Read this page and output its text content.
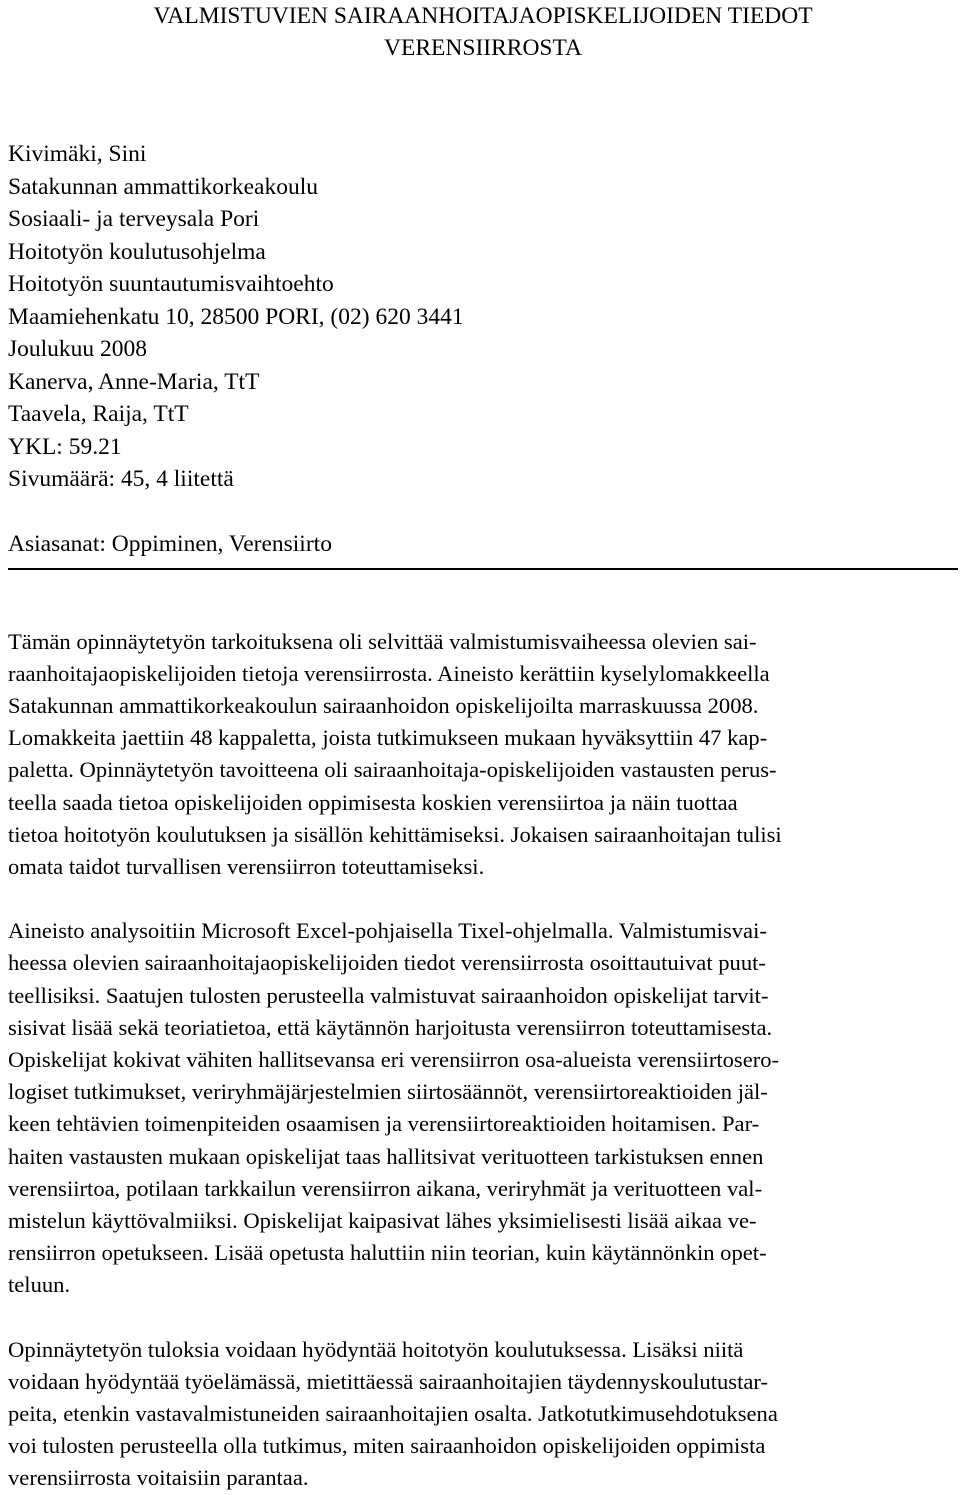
VALMISTUVIEN SAIRAANHOITAJAOPISKELIJOIDEN TIEDOT
VERENSIIRROSTA
Kivimäki, Sini
Satakunnan ammattikorkeakoulu
Sosiaali- ja terveysala Pori
Hoitotyön koulutusohjelma
Hoitotyön suuntautumisvaihtoehto
Maamiehenkatu 10, 28500 PORI, (02) 620 3441
Joulukuu 2008
Kanerva, Anne-Maria, TtT
Taavela, Raija, TtT
YKL: 59.21
Sivumäärä: 45, 4 liitettä
Asiasanat: Oppiminen, Verensiirto

Tämän opinnäytetyön tarkoituksena oli selvittää valmistumisvaiheessa olevien sai-
raanhoitajaopiskelijoiden tietoja verensiirrosta. Aineisto kerättiin kyselylomakkeella
Satakunnan ammattikorkeakoulun sairaanhoidon opiskelijoilta marraskuussa 2008.
Lomakkeita jaettiin 48 kappaletta, joista tutkimukseen mukaan hyväksyttiin 47 kap-
paletta. Opinnäytetyön tavoitteena oli sairaanhoitaja-opiskelijoiden vastausten perus-
teella saada tietoa opiskelijoiden oppimisesta koskien verensiirtoa ja näin tuottaa
tietoa hoitotyön koulutuksen ja sisällön kehittämiseksi. Jokaisen sairaanhoitajan tulisi
omata taidot turvallisen verensiirron toteuttamiseksi.

Aineisto analysoitiin Microsoft Excel-pohjaisella Tixel-ohjelmalla. Valmistumisvai-
heessa olevien sairaanhoitajaopiskelijoiden tiedot verensiirrosta osoittautuivat puut-
teellisiksi. Saatujen tulosten perusteella valmistuvat sairaanhoidon opiskelijat tarvit-
sisivat lisää sekä teoriatietoa, että käytännön harjoitusta verensiirron toteuttamisesta.
Opiskelijat kokivat vähiten hallitsevansa eri verensiirron osa-alueista verensiirtosero-
logiset tutkimukset, veriryhmäjärjestelmien siirtosäännöt, verensiirtoreaktioiden jäl-
keen tehtävien toimenpiteiden osaamisen ja verensiirtoreaktioiden hoitamisen. Par-
haiten vastausten mukaan opiskelijat taas hallitsivat verituotteen tarkistuksen ennen
verensiirtoa, potilaan tarkkailun verensiirron aikana, veriryhmät ja verituotteen val-
mistelun käyttövalmiiksi. Opiskelijat kaipasivat lähes yksimielisesti lisää aikaa ve-
rensiirron opetukseen. Lisää opetusta haluttiin niin teorian, kuin käytännönkin opet-
teluun.

Opinnäytetyön tuloksia voidaan hyödyntää hoitotyön koulutuksessa. Lisäksi niitä
voidaan hyödyntää työelämässä, mietittäessä sairaanhoitajien täydennyskoulutustar-
peita, etenkin vastavalmistuneiden sairaanhoitajien osalta. Jatkotutkimusehdotuksena
voi tulosten perusteella olla tutkimus, miten sairaanhoidon opiskelijoiden oppimista
verensiirrosta voitaisiin parantaa.
